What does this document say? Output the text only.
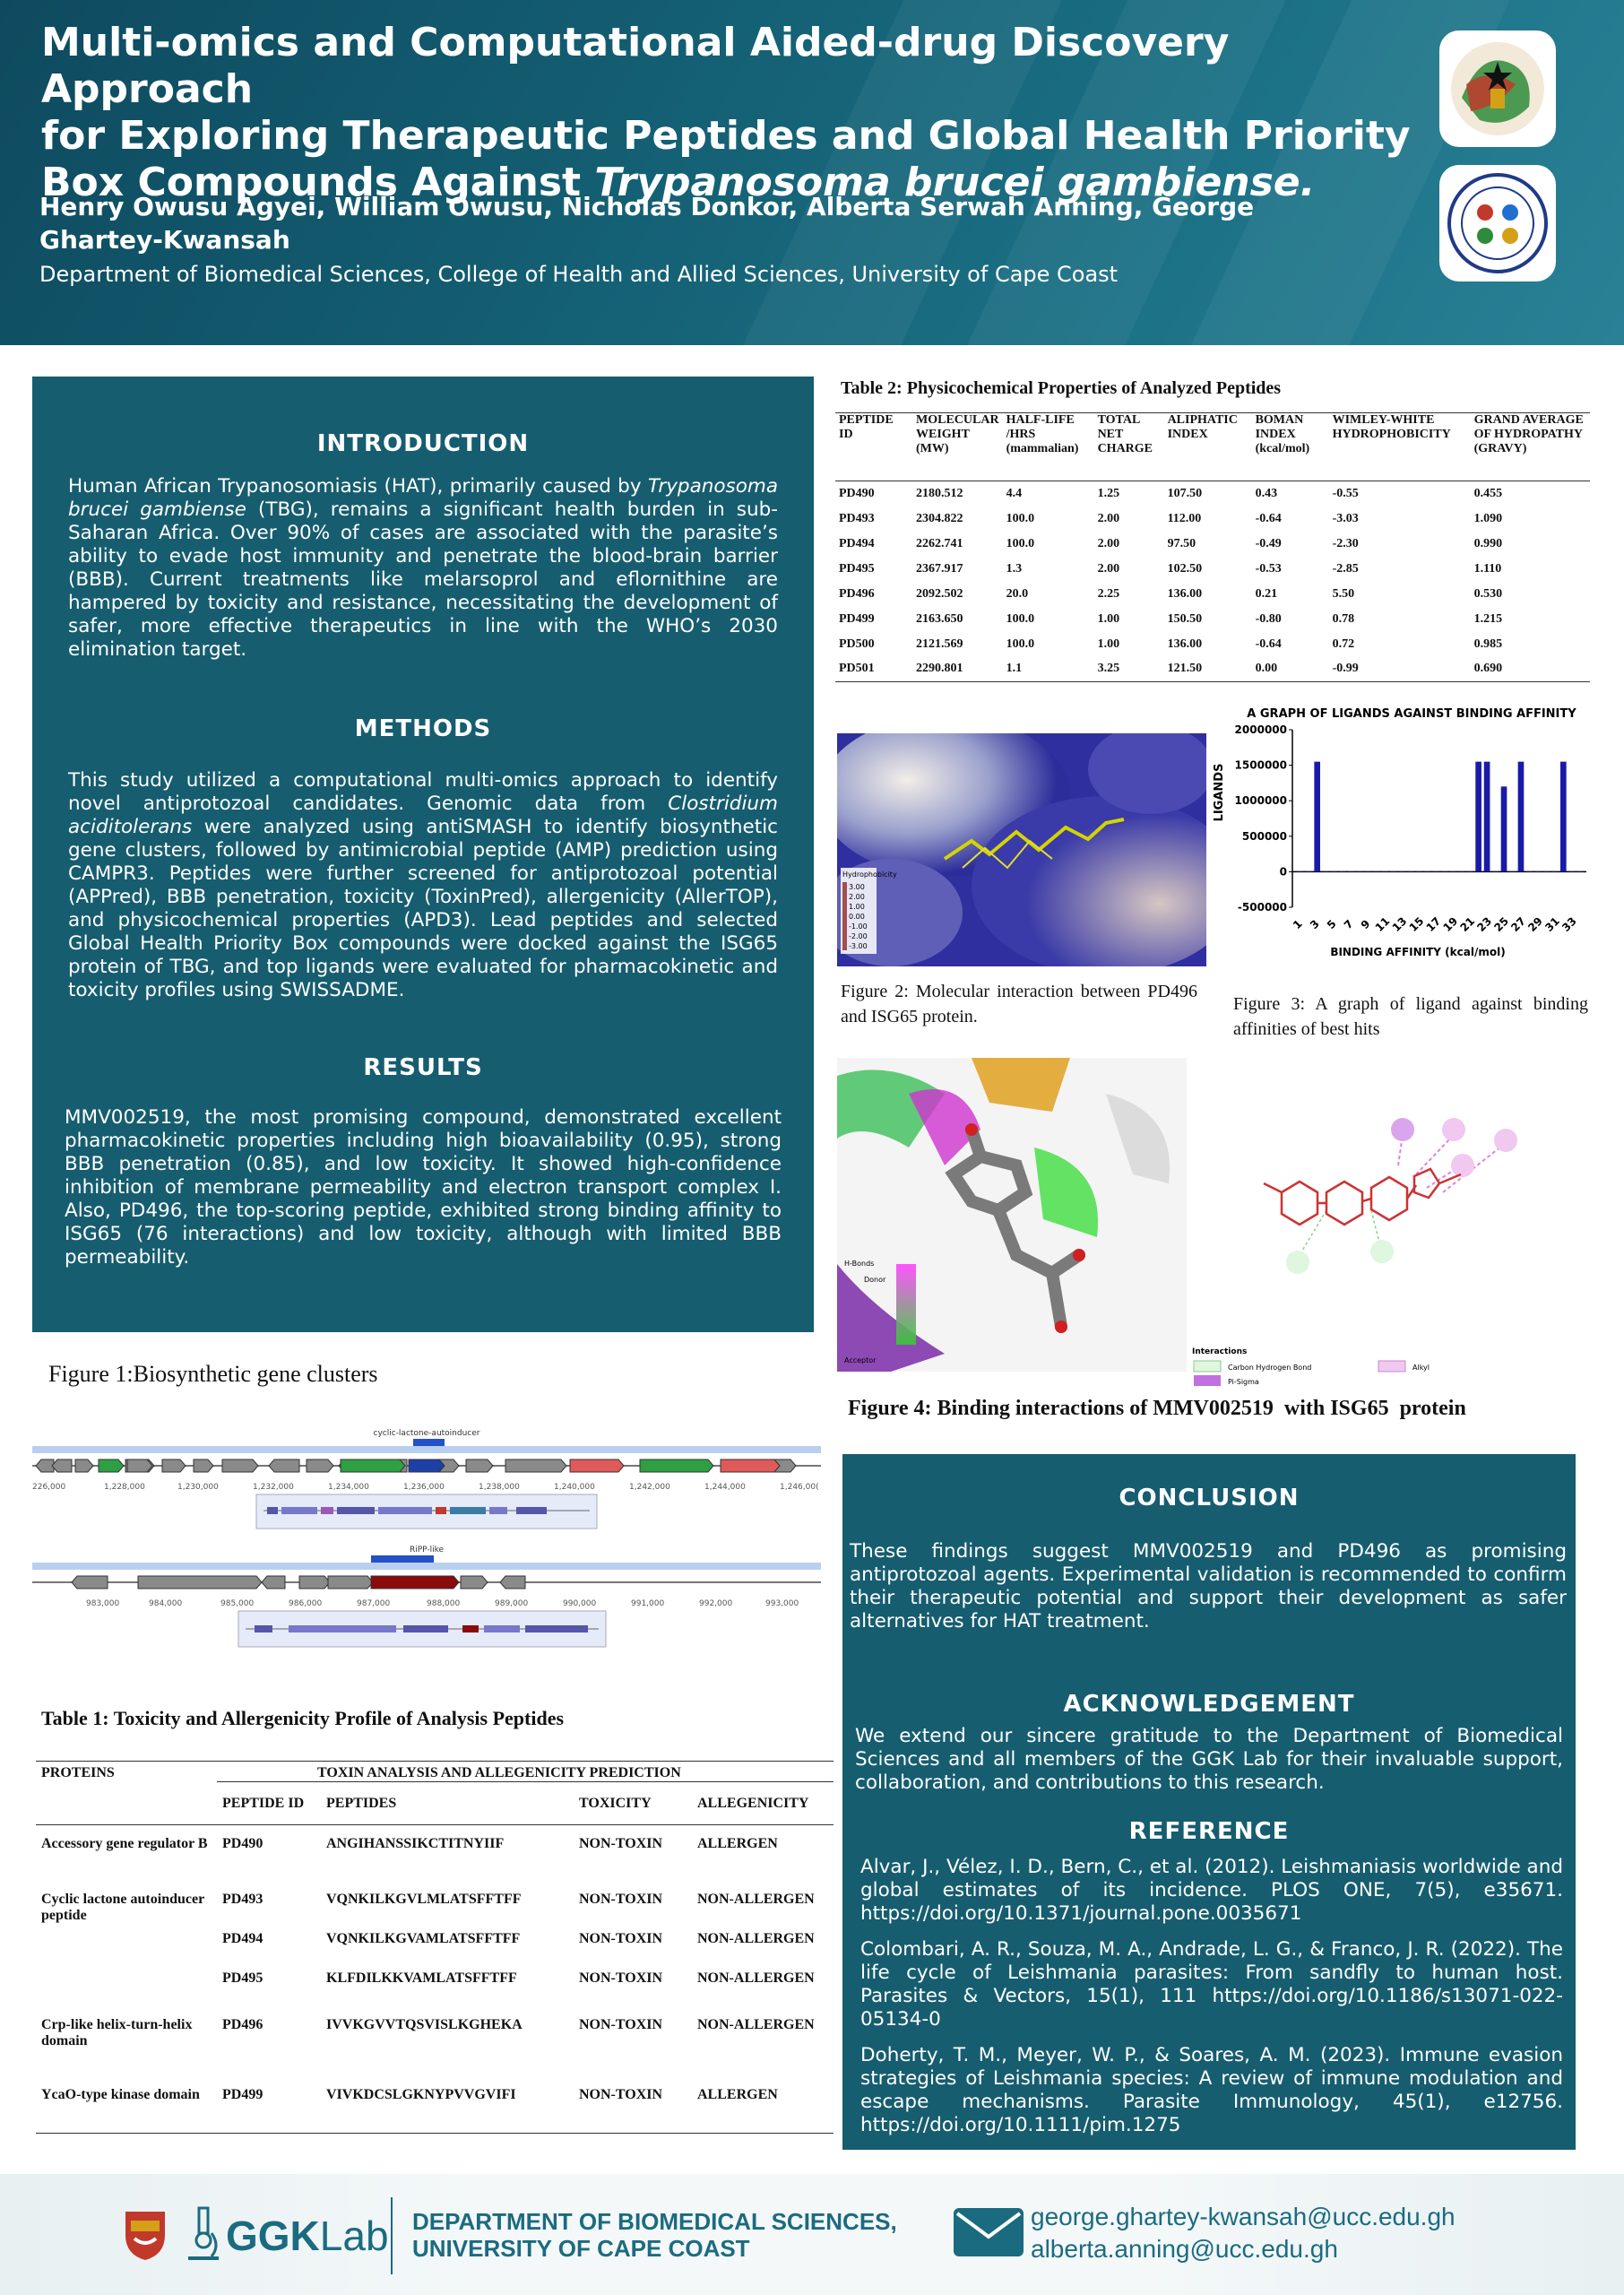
Multi-omics and Computational Aided-drug Discovery Approach
for Exploring Therapeutic Peptides and Global Health Priority
Box Compounds Against Trypanosoma brucei gambiense.
Henry Owusu Agyei, William Owusu, Nicholas Donkor, Alberta Serwah Anning, George Ghartey-Kwansah
Department of Biomedical Sciences, College of Health and Allied Sciences, University of Cape Coast
INTRODUCTION
Human African Trypanosomiasis (HAT), primarily caused by Trypanosoma brucei gambiense (TBG), remains a significant health burden in sub-Saharan Africa. Over 90% of cases are associated with the parasite’s ability to evade host immunity and penetrate the blood-brain barrier (BBB). Current treatments like melarsoprol and eflornithine are hampered by toxicity and resistance, necessitating the development of safer, more effective therapeutics in line with the WHO’s 2030 elimination target.
METHODS
This study utilized a computational multi-omics approach to identify novel antiprotozoal candidates. Genomic data from Clostridium aciditolerans were analyzed using antiSMASH to identify biosynthetic gene clusters, followed by antimicrobial peptide (AMP) prediction using CAMPR3. Peptides were further screened for antiprotozoal potential (APPred), BBB penetration, toxicity (ToxinPred), allergenicity (AllerTOP), and physicochemical properties (APD3). Lead peptides and selected Global Health Priority Box compounds were docked against the ISG65 protein of TBG, and top ligands were evaluated for pharmacokinetic and toxicity profiles using SWISSADME.
RESULTS
MMV002519, the most promising compound, demonstrated excellent pharmacokinetic properties including high bioavailability (0.95), strong BBB penetration (0.85), and low toxicity. It showed high-confidence inhibition of membrane permeability and electron transport complex I. Also, PD496, the top-scoring peptide, exhibited strong binding affinity to ISG65 (76 interactions) and low toxicity, although with limited BBB permeability.
Figure 1:Biosynthetic gene clusters
cyclic-lactone-autoinducer
226,000	1,228,000	1,230,000	1,232,000	1,234,000	1,236,000	1,238,000	1,240,000	1,242,000	1,244,000	1,246,00(
RiPP-like
983,000	984,000	985,000	986,000	987,000	988,000	989,000	990,000	991,000	992,000	993,000
Table 1: Toxicity and Allergenicity Profile of Analysis Peptides
PROTEINS	TOXIN ANALYSIS AND ALLEGENICITY PREDICTION			
	PEPTIDE ID	PEPTIDES	TOXICITY	ALLEGENICITY
Accessory gene regulator B	PD490	ANGIHANSSIKCTITNYIIF	NON-TOXIN	ALLERGEN
Cyclic lactone autoinducer peptide	PD493	VQNKILKGVLMLATSFFTFF	NON-TOXIN	NON-ALLERGEN
	PD494	VQNKILKGVAMLATSFFTFF	NON-TOXIN	NON-ALLERGEN
	PD495	KLFDILKKVAMLATSFFTFF	NON-TOXIN	NON-ALLERGEN
Crp-like helix-turn-helix domain	PD496	IVVKGVVTQSVISLKGHEKA	NON-TOXIN	NON-ALLERGEN
YcaO-type kinase domain	PD499	VIVKDCSLGKNYPVVGVIFI	NON-TOXIN	ALLERGEN
Table 2: Physicochemical Properties of Analyzed Peptides
PEPTIDE ID	MOLECULAR WEIGHT (MW)	HALF-LIFE /HRS (mammalian)	TOTAL NET CHARGE	ALIPHATIC INDEX	BOMAN INDEX (kcal/mol)	WIMLEY-WHITE HYDROPHOBICITY	GRAND AVERAGE OF HYDROPATHY (GRAVY)
PD490	2180.512	4.4	1.25	107.50	0.43	-0.55	0.455
PD493	2304.822	100.0	2.00	112.00	-0.64	-3.03	1.090
PD494	2262.741	100.0	2.00	97.50	-0.49	-2.30	0.990
PD495	2367.917	1.3	2.00	102.50	-0.53	-2.85	1.110
PD496	2092.502	20.0	2.25	136.00	0.21	5.50	0.530
PD499	2163.650	100.0	1.00	150.50	-0.80	0.78	1.215
PD500	2121.569	100.0	1.00	136.00	-0.64	0.72	0.985
PD501	2290.801	1.1	3.25	121.50	0.00	-0.99	0.690
Hydrophobicity
3.00
2.00
1.00
0.00
-1.00
-2.00
-3.00
Figure 2: Molecular interaction between PD496 and ISG65 protein.
A GRAPH OF LIGANDS AGAINST BINDING AFFINITY
LIGANDS
2000000
1500000
1000000
500000
0
-500000
1 3 5 7 9 11
13
15
17
19
21
23
25
27
29
31
33
BINDING AFFINITY (kcal/mol)
Figure 3: A graph of ligand against binding affinities of best hits
H-Bonds
Donor
Acceptor
Interactions
Carbon Hydrogen Bond	Alkyl
Pi-Sigma
Figure 4: Binding interactions of MMV002519  with ISG65  protein
CONCLUSION
These findings suggest MMV002519 and PD496 as promising antiprotozoal agents. Experimental validation is recommended to confirm their therapeutic potential and support their development as safer alternatives for HAT treatment.
ACKNOWLEDGEMENT
We extend our sincere gratitude to the Department of Biomedical Sciences and all members of the GGK Lab for their invaluable support, collaboration, and contributions to this research.
REFERENCE
Alvar, J., Vélez, I. D., Bern, C., et al. (2012). Leishmaniasis worldwide and global estimates of its incidence. PLOS ONE, 7(5), e35671. https://doi.org/10.1371/journal.pone.0035671
Colombari, A. R., Souza, M. A., Andrade, L. G., & Franco, J. R. (2022). The life cycle of Leishmania parasites: From sandfly to human host. Parasites & Vectors, 15(1), 111 https://doi.org/10.1186/s13071-022-05134-0
Doherty, T. M., Meyer, W. P., & Soares, A. M. (2023). Immune evasion strategies of Leishmania species: A review of immune modulation and escape mechanisms. Parasite Immunology, 45(1), e12756. https://doi.org/10.1111/pim.1275
GGKLab DEPARTMENT OF BIOMEDICAL SCIENCES,
UNIVERSITY OF CAPE COAST
george.ghartey-kwansah@ucc.edu.gh
alberta.anning@ucc.edu.gh
